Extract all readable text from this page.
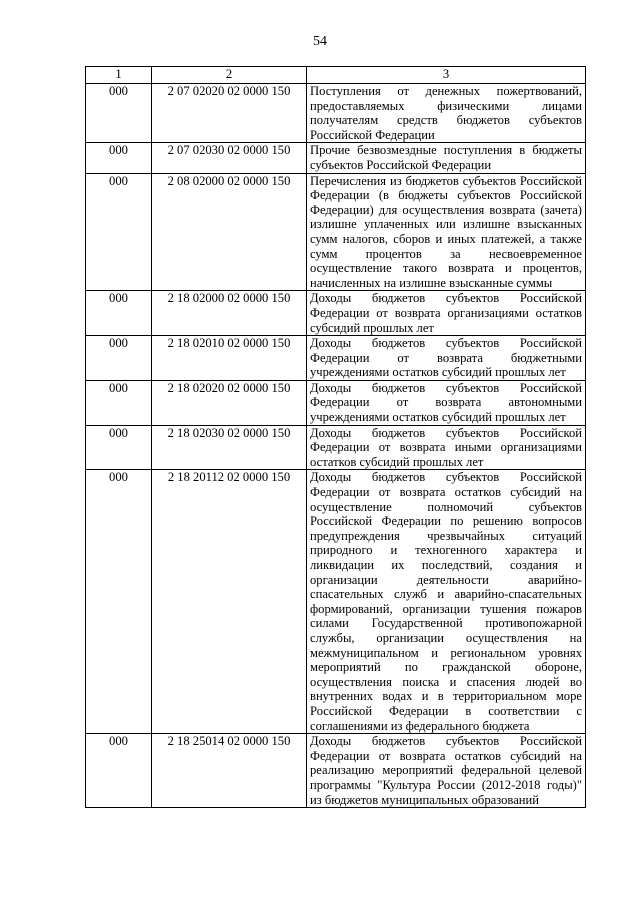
54
1	2	3
000	2 07 02020 02 0000 150	Поступления от денежных пожертвований, предоставляемых физическими лицами получателям средств бюджетов субъектов Российской Федерации
000	2 07 02030 02 0000 150	Прочие безвозмездные поступления в бюджеты субъектов Российской Федерации
000	2 08 02000 02 0000 150	Перечисления из бюджетов субъектов Российской Федерации (в бюджеты субъектов Российской Федерации) для осуществления возврата (зачета) излишне уплаченных или излишне взысканных сумм налогов, сборов и иных платежей, а также сумм процентов за несвоевременное осуществление такого возврата и процентов, начисленных на излишне взысканные суммы
000	2 18 02000 02 0000 150	Доходы бюджетов субъектов Российской Федерации от возврата организациями остатков субсидий прошлых лет
000	2 18 02010 02 0000 150	Доходы бюджетов субъектов Российской Федерации от возврата бюджетными учреждениями остатков субсидий прошлых лет
000	2 18 02020 02 0000 150	Доходы бюджетов субъектов Российской Федерации от возврата автономными учреждениями остатков субсидий прошлых лет
000	2 18 02030 02 0000 150	Доходы бюджетов субъектов Российской Федерации от возврата иными организациями остатков субсидий прошлых лет
000	2 18 20112 02 0000 150	Доходы бюджетов субъектов Российской Федерации от возврата остатков субсидий на осуществление полномочий субъектов Российской Федерации по решению вопросов предупреждения чрезвычайных ситуаций природного и техногенного характера и ликвидации их последствий, создания и организации деятельности аварийно-спасательных служб и аварийно-спасательных формирований, организации тушения пожаров силами Государственной противопожарной службы, организации осуществления на межмуниципальном и региональном уровнях мероприятий по гражданской обороне, осуществления поиска и спасения людей во внутренних водах и в территориальном море Российской Федерации в соответствии с соглашениями из федерального бюджета
000	2 18 25014 02 0000 150	Доходы бюджетов субъектов Российской Федерации от возврата остатков субсидий на реализацию мероприятий федеральной целевой программы "Культура России (2012-2018 годы)" из бюджетов муниципальных образований
